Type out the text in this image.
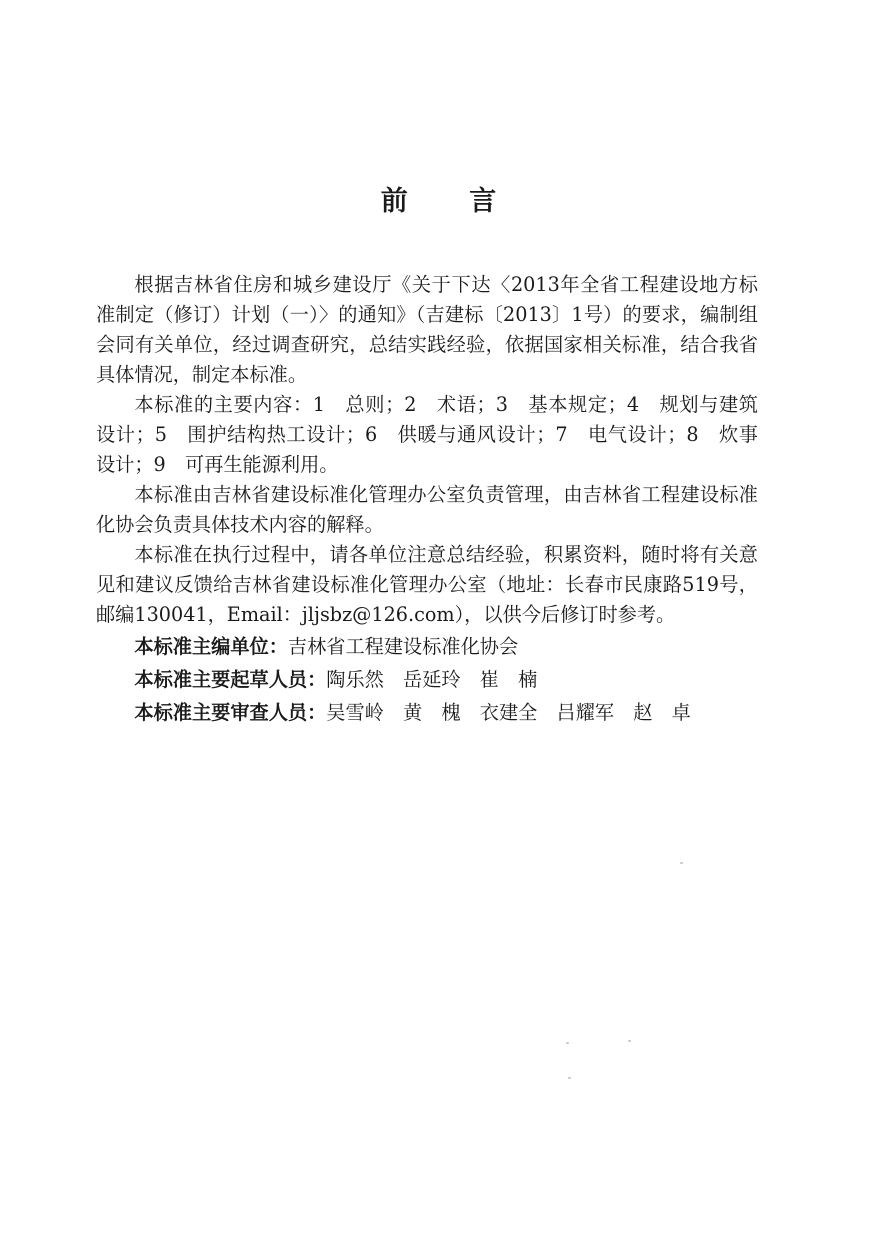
前 言

根据吉林省住房和城乡建设厅《关于下达〈2013年全省工程建设地方标准制定（修订）计划（一）〉的通知》（吉建标〔2013〕1号）的要求，编制组会同有关单位，经过调查研究，总结实践经验，依据国家相关标准，结合我省具体情况，制定本标准。

本标准的主要内容：1　总则；2　术语；3　基本规定；4　规划与建筑设计；5　围护结构热工设计；6　供暖与通风设计；7　电气设计；8　炊事设计；9　可再生能源利用。

本标准由吉林省建设标准化管理办公室负责管理，由吉林省工程建设标准化协会负责具体技术内容的解释。

本标准在执行过程中，请各单位注意总结经验，积累资料，随时将有关意见和建议反馈给吉林省建设标准化管理办公室（地址：长春市民康路519号，邮编130041，Email：jljsbz@126.com），以供今后修订时参考。

本标准主编单位：吉林省工程建设标准化协会

本标准主要起草人员：陶乐然　岳延玲　崔　楠

本标准主要审查人员：吴雪岭　黄　槐　衣建全　吕耀军　赵　卓
